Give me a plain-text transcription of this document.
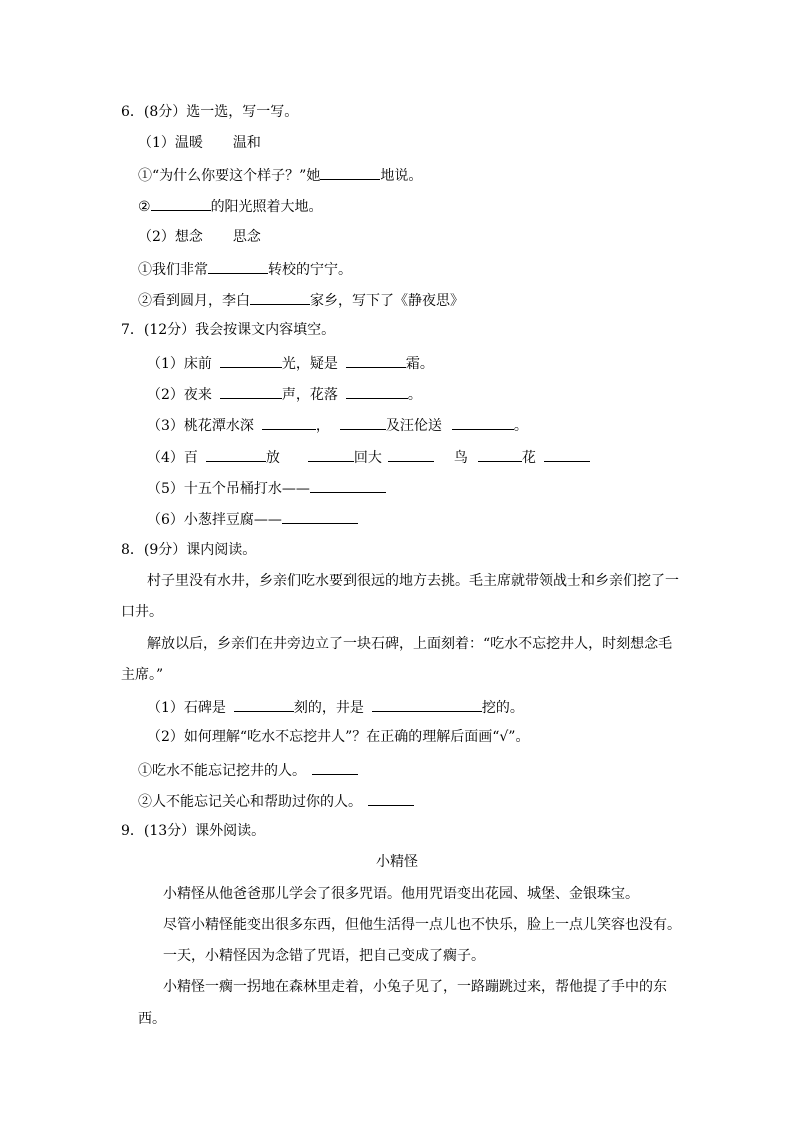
6．(8分）选一选，写一写。
（1）温暖 温和
①“为什么你要这个样子？”她	地说。
②	的阳光照着大地。
（2）想念 思念
①我们非常	转校的宁宁。
②看到圆月，李白	家乡，写下了《静夜思》
7．(12分）我会按课文内容填空。
（1）床前	光，疑是	霜。
（2）夜来	声，花落	。
（3）桃花潭水深	，	及汪伦送	。
（4）百	放	回大	鸟	花
（5）十五个吊桶打水——
（6）小葱拌豆腐——
8．(9分）课内阅读。
村子里没有水井，乡亲们吃水要到很远的地方去挑。毛主席就带领战士和乡亲们挖了一
口井。
解放以后，乡亲们在井旁边立了一块石碑，上面刻着：“吃水不忘挖井人，时刻想念毛
主席。”
（1）石碑是	刻的，井是	挖的。
（2）如何理解“吃水不忘挖井人”？在正确的理解后面画“√”。
①吃水不能忘记挖井的人。
②人不能忘记关心和帮助过你的人。
9．(13分）课外阅读。
小精怪
小精怪从他爸爸那儿学会了很多咒语。他用咒语变出花园、城堡、金银珠宝。
尽管小精怪能变出很多东西，但他生活得一点儿也不快乐，脸上一点儿笑容也没有。
一天，小精怪因为念错了咒语，把自己变成了瘸子。
小精怪一瘸一拐地在森林里走着，小兔子见了，一路蹦跳过来，帮他提了手中的东
西。
